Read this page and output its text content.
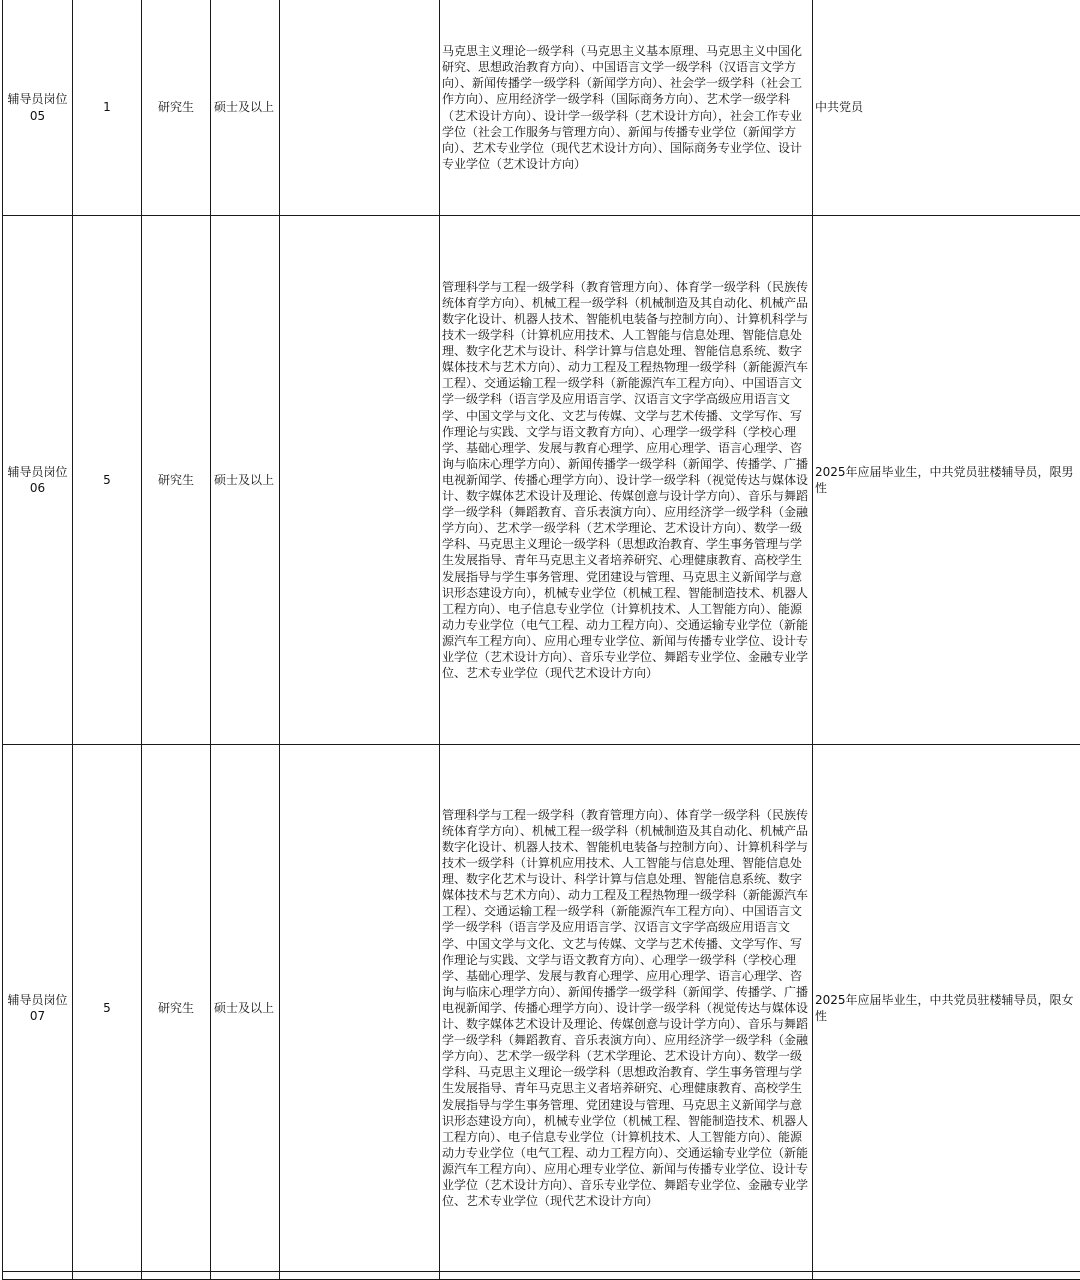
辅导员岗位05	1	研究生	硕士及以上		马克思主义理论一级学科（马克思主义基本原理、马克思主义中国化研究、思想政治教育方向）、中国语言文学一级学科（汉语言文学方向）、新闻传播学一级学科（新闻学方向）、社会学一级学科（社会工作方向）、应用经济学一级学科（国际商务方向）、艺术学一级学科（艺术设计方向）、设计学一级学科（艺术设计方向），社会工作专业学位（社会工作服务与管理方向）、新闻与传播专业学位（新闻学方向）、艺术专业学位（现代艺术设计方向）、国际商务专业学位、设计专业学位（艺术设计方向）	中共党员
辅导员岗位06	5	研究生	硕士及以上		管理科学与工程一级学科（教育管理方向）、体育学一级学科（民族传统体育学方向）、机械工程一级学科（机械制造及其自动化、机械产品数字化设计、机器人技术、智能机电装备与控制方向）、计算机科学与技术一级学科（计算机应用技术、人工智能与信息处理、智能信息处理、数字化艺术与设计、科学计算与信息处理、智能信息系统、数字媒体技术与艺术方向）、动力工程及工程热物理一级学科（新能源汽车工程）、交通运输工程一级学科（新能源汽车工程方向）、中国语言文学一级学科（语言学及应用语言学、汉语言文字学高级应用语言文学、中国文学与文化、文艺与传媒、文学与艺术传播、文学写作、写作理论与实践、文学与语文教育方向）、心理学一级学科（学校心理学、基础心理学、发展与教育心理学、应用心理学、语言心理学、咨询与临床心理学方向）、新闻传播学一级学科（新闻学、传播学、广播电视新闻学、传播心理学方向）、设计学一级学科（视觉传达与媒体设计、数字媒体艺术设计及理论、传媒创意与设计学方向）、音乐与舞蹈学一级学科（舞蹈教育、音乐表演方向）、应用经济学一级学科（金融学方向）、艺术学一级学科（艺术学理论、艺术设计方向）、数学一级学科、马克思主义理论一级学科（思想政治教育、学生事务管理与学生发展指导、青年马克思主义者培养研究、心理健康教育、高校学生发展指导与学生事务管理、党团建设与管理、马克思主义新闻学与意识形态建设方向），机械专业学位（机械工程、智能制造技术、机器人工程方向）、电子信息专业学位（计算机技术、人工智能方向）、能源动力专业学位（电气工程、动力工程方向）、交通运输专业学位（新能源汽车工程方向）、应用心理专业学位、新闻与传播专业学位、设计专业学位（艺术设计方向）、音乐专业学位、舞蹈专业学位、金融专业学位、艺术专业学位（现代艺术设计方向）	2025年应届毕业生，中共党员驻楼辅导员，限男性
辅导员岗位07	5	研究生	硕士及以上		管理科学与工程一级学科（教育管理方向）、体育学一级学科（民族传统体育学方向）、机械工程一级学科（机械制造及其自动化、机械产品数字化设计、机器人技术、智能机电装备与控制方向）、计算机科学与技术一级学科（计算机应用技术、人工智能与信息处理、智能信息处理、数字化艺术与设计、科学计算与信息处理、智能信息系统、数字媒体技术与艺术方向）、动力工程及工程热物理一级学科（新能源汽车工程）、交通运输工程一级学科（新能源汽车工程方向）、中国语言文学一级学科（语言学及应用语言学、汉语言文字学高级应用语言文学、中国文学与文化、文艺与传媒、文学与艺术传播、文学写作、写作理论与实践、文学与语文教育方向）、心理学一级学科（学校心理学、基础心理学、发展与教育心理学、应用心理学、语言心理学、咨询与临床心理学方向）、新闻传播学一级学科（新闻学、传播学、广播电视新闻学、传播心理学方向）、设计学一级学科（视觉传达与媒体设计、数字媒体艺术设计及理论、传媒创意与设计学方向）、音乐与舞蹈学一级学科（舞蹈教育、音乐表演方向）、应用经济学一级学科（金融学方向）、艺术学一级学科（艺术学理论、艺术设计方向）、数学一级学科、马克思主义理论一级学科（思想政治教育、学生事务管理与学生发展指导、青年马克思主义者培养研究、心理健康教育、高校学生发展指导与学生事务管理、党团建设与管理、马克思主义新闻学与意识形态建设方向），机械专业学位（机械工程、智能制造技术、机器人工程方向）、电子信息专业学位（计算机技术、人工智能方向）、能源动力专业学位（电气工程、动力工程方向）、交通运输专业学位（新能源汽车工程方向）、应用心理专业学位、新闻与传播专业学位、设计专业学位（艺术设计方向）、音乐专业学位、舞蹈专业学位、金融专业学位、艺术专业学位（现代艺术设计方向）	2025年应届毕业生，中共党员驻楼辅导员，限女性
